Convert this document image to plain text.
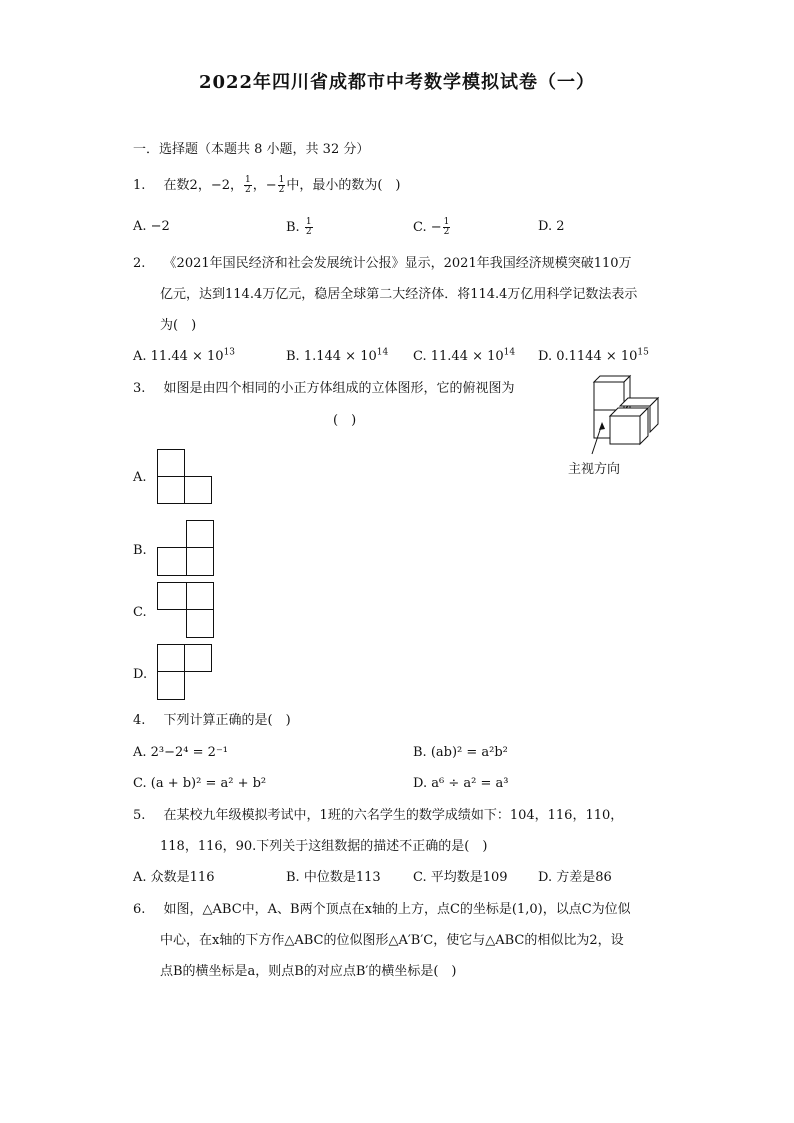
2022年四川省成都市中考数学模拟试卷（一）
一．选择题（本题共 8 小题，共 32 分）
1. 在数2，−2， $\frac{1}{2}$ ，− $\frac{1}{2}$ 中，最小的数为(　)
A. −2	B. $\frac{1}{2}$	C. − $\frac{1}{2}$	D. 2
2. 《2021年国民经济和社会发展统计公报》显示，2021年我国经济规模突破110万
亿元，达到114.4万亿元，稳居全球第二大经济体．将114.4万亿用科学记数法表示
为(　)
A. $11.44 \times 10^{13}$	B. $1.144 \times 10^{14}$ C. $11.44 \times 10^{14}$ D. $0.1144 \times 10^{15}$
3. 如图是由四个相同的小正方体组成的立体图形，它的俯视图为
(　)
主视方向
A.
B.
C.
D.
4. 下列计算正确的是(　)
A. 2³−2⁴ = 2⁻¹	B. (ab)² = a²b²
C. (a + b)² = a² + b²	D. a⁶ ÷ a² = a³
5. 在某校九年级模拟考试中，1班的六名学生的数学成绩如下：104，116，110，
118，116，90.下列关于这组数据的描述不正确的是(　)
A. 众数是116	B. 中位数是113 C. 平均数是109 D. 方差是86
6. 如图，△ABC中，A、B两个顶点在x轴的上方，点C的坐标是(1,0)，以点C为位似
中心，在x轴的下方作△ABC的位似图形△A′B′C，使它与△ABC的相似比为2，设
点B的横坐标是a，则点B的对应点B′的横坐标是(　)
